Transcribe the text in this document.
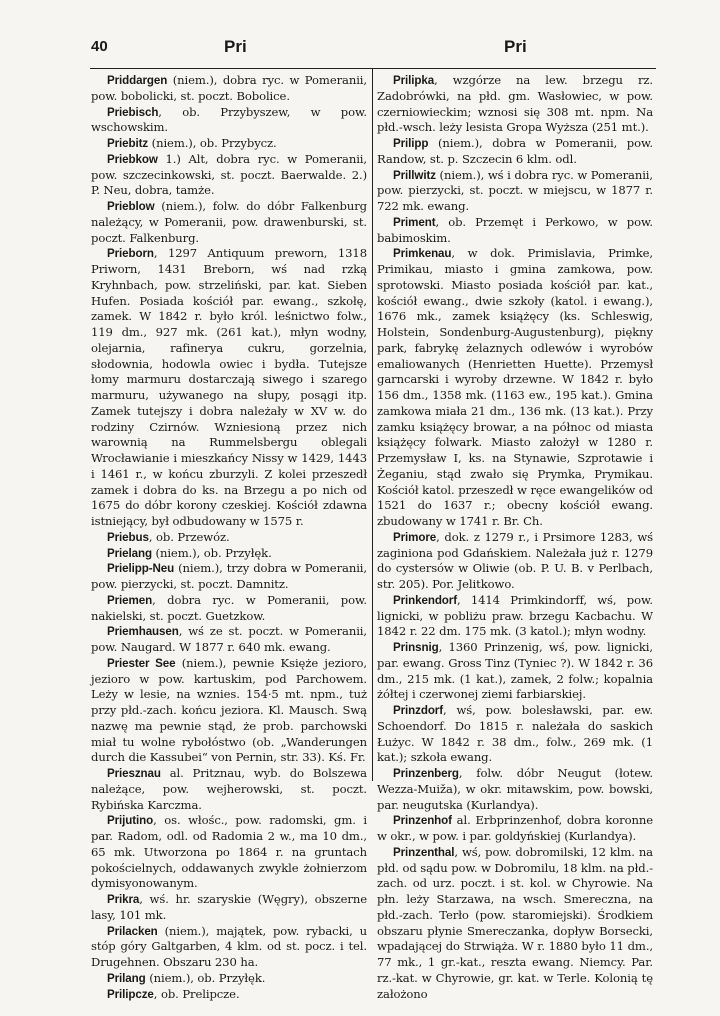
40	Pri	Pri

Priddargen (niem.), dobra ryc. w Pomeranii, pow. bobolicki, st. poczt. Bobolice.

Priebisch, ob. Przybyszew, w pow. wschowskim.

Priebitz (niem.), ob. Przybycz.

Priebkow 1.) Alt, dobra ryc. w Pomeranii, pow. szczecinkowski, st. poczt. Baerwalde. 2.) P. Neu, dobra, tamże.

Prieblow (niem.), folw. do dóbr Falkenburg należący, w Pomeranii, pow. drawenburski, st. poczt. Falkenburg.

Prieborn, 1297 Antiquum preworn, 1318 Priworn, 1431 Breborn, wś nad rzką Kryhnbach, pow. strzeliński, par. kat. Sieben Hufen. Posiada kościół par. ewang., szkołę, zamek. W 1842 r. było król. leśnictwo folw., 119 dm., 927 mk. (261 kat.), młyn wodny, olejarnia, rafinerya cukru, gorzelnia, słodownia, hodowla owiec i bydła. Tutejsze łomy marmuru dostarczają siwego i szarego marmuru, używanego na słupy, posągi itp. Zamek tutejszy i dobra należały w XV w. do rodziny Czirnów. Wzniesioną przez nich warownią na Rummelsbergu oblegali Wrocławianie i mieszkańcy Nissy w 1429, 1443 i 1461 r., w końcu zburzyli. Z kolei przeszedł zamek i dobra do ks. na Brzegu a po nich od 1675 do dóbr korony czeskiej. Kościół zdawna istniejący, był odbudowany w 1575 r.

Priebus, ob. Przewóz.

Prielang (niem.), ob. Przyłęk.

Prielipp-Neu (niem.), trzy dobra w Pomeranii, pow. pierzycki, st. poczt. Damnitz.

Priemen, dobra ryc. w Pomeranii, pow. nakielski, st. poczt. Guetzkow.

Priemhausen, wś ze st. poczt. w Pomeranii, pow. Naugard. W 1877 r. 640 mk. ewang.

Priester See (niem.), pewnie Księże jezioro, jezioro w pow. kartuskim, pod Parchowem. Leży w lesie, na wznies. 154·5 mt. npm., tuż przy płd.-zach. końcu jeziora. Kl. Mausch. Swą nazwę ma pewnie stąd, że prob. parchowski miał tu wolne rybołóstwo (ob. „Wanderungen durch die Kassubei“ von Pernin, str. 33). Kś. Fr.

Priesznau al. Pritznau, wyb. do Bolszewa należące, pow. wejherowski, st. poczt. Rybińska Karczma.

Prijutino, os. włośc., pow. radomski, gm. i par. Radom, odl. od Radomia 2 w., ma 10 dm., 65 mk. Utworzona po 1864 r. na gruntach pokościelnych, oddawanych zwykle żołnierzom dymisyonowanym.

Prikra, wś. hr. szaryskie (Węgry), obszerne lasy, 101 mk.

Prilacken (niem.), majątek, pow. rybacki, u stóp góry Galtgarben, 4 klm. od st. pocz. i tel. Drugehnen. Obszaru 230 ha.

Prilang (niem.), ob. Przyłęk.

Prilipcze, ob. Prelipcze.

Prilipka, wzgórze na lew. brzegu rz. Zadobrówki, na płd. gm. Wasłowiec, w pow. czerniowieckim; wznosi się 308 mt. npm. Na płd.-wsch. leży lesista Gropa Wyższa (251 mt.).

Prilipp (niem.), dobra w Pomeranii, pow. Randow, st. p. Szczecin 6 klm. odl.

Prillwitz (niem.), wś i dobra ryc. w Pomeranii, pow. pierzycki, st. poczt. w miejscu, w 1877 r. 722 mk. ewang.

Priment, ob. Przemęt i Perkowo, w pow. babimoskim.

Primkenau, w dok. Primislavia, Primke, Primikau, miasto i gmina zamkowa, pow. sprotowski. Miasto posiada kościół par. kat., kościół ewang., dwie szkoły (katol. i ewang.), 1676 mk., zamek książęcy (ks. Schleswig, Holstein, Sondenburg-Augustenburg), piękny park, fabrykę żelaznych odlewów i wyrobów emaliowanych (Henrietten Huette). Przemysł garncarski i wyroby drzewne. W 1842 r. było 156 dm., 1358 mk. (1163 ew., 195 kat.). Gmina zamkowa miała 21 dm., 136 mk. (13 kat.). Przy zamku książęcy browar, a na północ od miasta książęcy folwark. Miasto założył w 1280 r. Przemysław I, ks. na Stynawie, Szprotawie i Żeganiu, stąd zwało się Prymka, Prymikau. Kościół katol. przeszedł w ręce ewangelików od 1521 do 1637 r.; obecny kościół ewang. zbudowany w 1741 r. Br. Ch.

Primore, dok. z 1279 r., i Prsimore 1283, wś zaginiona pod Gdańskiem. Należała już r. 1279 do cystersów w Oliwie (ob. P. U. B. v Perlbach, str. 205). Por. Jelitkowo.

Prinkendorf, 1414 Primkindorff, wś, pow. lignicki, w pobliżu praw. brzegu Kacbachu. W 1842 r. 22 dm. 175 mk. (3 katol.); młyn wodny.

Prinsnig, 1360 Prinzenig, wś, pow. lignicki, par. ewang. Gross Tinz (Tyniec ?). W 1842 r. 36 dm., 215 mk. (1 kat.), zamek, 2 folw.; kopalnia żółtej i czerwonej ziemi farbiarskiej.

Prinzdorf, wś, pow. bolesławski, par. ew. Schoendorf. Do 1815 r. należała do saskich Łużyc. W 1842 r. 38 dm., folw., 269 mk. (1 kat.); szkoła ewang.

Prinzenberg, folw. dóbr Neugut (łotew. Wezza-Muiža), w okr. mitawskim, pow. bowski, par. neugutska (Kurlandya).

Prinzenhof al. Erbprinzenhof, dobra koronne w okr., w pow. i par. goldyńskiej (Kurlandya).

Prinzenthal, wś, pow. dobromilski, 12 klm. na płd. od sądu pow. w Dobromilu, 18 klm. na płd.-zach. od urz. poczt. i st. kol. w Chyrowie. Na płn. leży Starzawa, na wsch. Smereczna, na płd.-zach. Terło (pow. staromiejski). Środkiem obszaru płynie Smereczanka, dopływ Borsecki, wpadającej do Strwiąża. W r. 1880 było 11 dm., 77 mk., 1 gr.-kat., reszta ewang. Niemcy. Par. rz.-kat. w Chyrowie, gr. kat. w Terle. Kolonią tę założono
